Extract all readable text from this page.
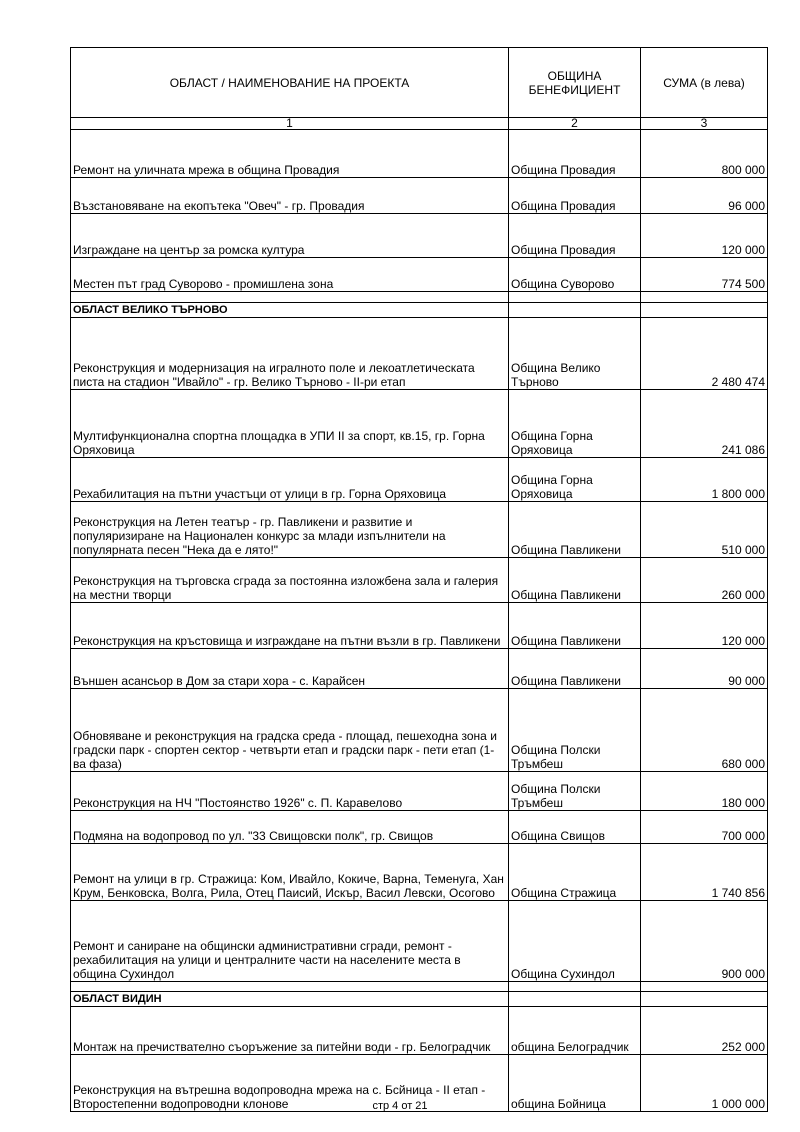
ОБЛАСТ / НАИМЕНОВАНИЕ НА ПРОЕКТА	ОБЩИНА БЕНЕФИЦИЕНТ	СУМА (в лева)
1	2	3
Ремонт на уличната мрежа в община Провадия	Община Провадия	800 000
Възстановяване на екопътека "Овеч" - гр. Провадия	Община Провадия	96 000
Изграждане на център за ромска култура	Община Провадия	120 000
Местен път град Суворово - промишлена зона	Община Суворово	774 500

ОБЛАСТ ВЕЛИКО ТЪРНОВО		
Реконструкция и модернизация на игралното поле и лекоатлетическата писта на стадион "Ивайло" - гр. Велико Търново - II-ри етап	Община Велико Търново	2 480 474
Мултифункционална спортна площадка в УПИ II за спорт, кв.15, гр. Горна Оряховица	Община Горна Оряховица	241 086
Рехабилитация на пътни участъци от улици в гр. Горна Оряховица	Община Горна Оряховица	1 800 000
Реконструкция на Летен театър - гр. Павликени и развитие и популяризиране на Национален конкурс за млади изпълнители на популярната песен "Нека да е лято!"	Община Павликени	510 000
Реконструкция на търговска сграда за постоянна изложбена зала и галерия на местни творци	Община Павликени	260 000
Реконструкция на кръстовища и изграждане на пътни възли в гр. Павликени	Община Павликени	120 000
Външен асансьор в Дом за стари хора - с. Карайсен	Община Павликени	90 000
Обновяване и реконструкция на градска среда - площад, пешеходна зона и градски парк - спортен сектор - четвърти етап и градски парк - пети етап (1-ва фаза)	Община Полски Тръмбеш	680 000
Реконструкция на НЧ "Постоянство 1926" с. П. Каравелово	Община Полски Тръмбеш	180 000
Подмяна на водопровод по ул. "33 Свищовски полк", гр. Свищов	Община Свищов	700 000
Ремонт на улици в гр. Стражица: Ком, Ивайло, Кокиче, Варна, Теменуга, Хан Крум, Бенковска, Волга, Рила, Отец Паисий, Искър, Васил Левски, Осогово	Община Стражица	1 740 856
Ремонт и саниране на общински административни сгради, ремонт - рехабилитация на улици и централните части на населените места в община Сухиндол	Община Сухиндол	900 000

ОБЛАСТ ВИДИН		
Монтаж на пречиствателно съоръжение за питейни води - гр. Белоградчик	община Белоградчик	252 000
Реконструкция на вътрешна водопроводна мрежа на с. Бсйница - II етап - Второстепенни водопроводни клонове	община Бойница	1 000 000
стр 4 от 21
